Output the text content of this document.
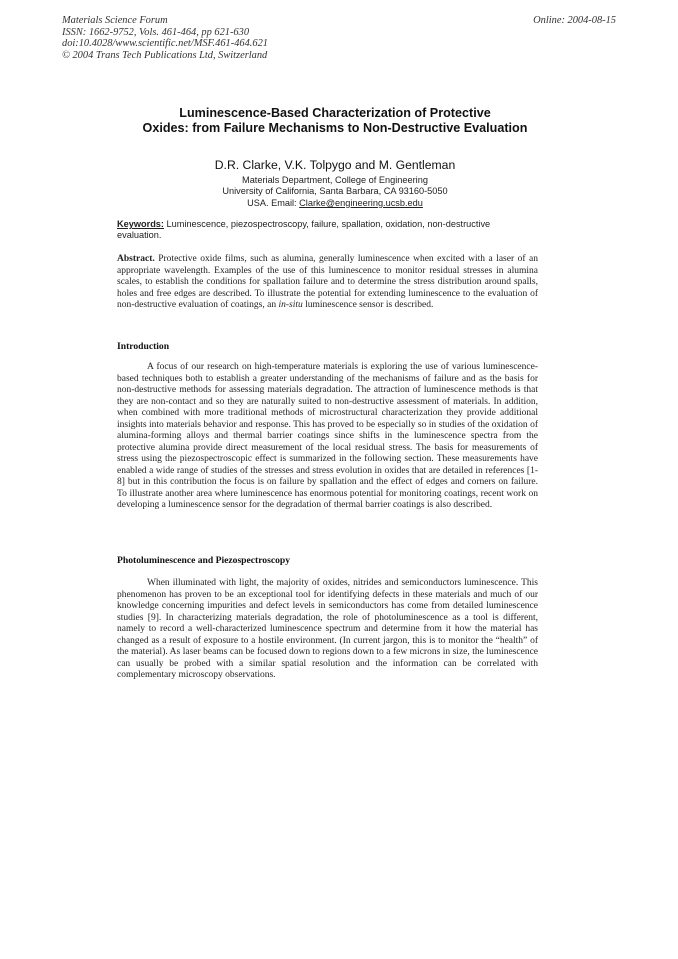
Materials Science Forum
ISSN: 1662-9752, Vols. 461-464, pp 621-630
doi:10.4028/www.scientific.net/MSF.461-464.621
© 2004 Trans Tech Publications Ltd, Switzerland
Online: 2004-08-15
Luminescence-Based Characterization of Protective
Oxides: from Failure Mechanisms to Non-Destructive Evaluation
D.R. Clarke, V.K. Tolpygo and M. Gentleman
Materials Department, College of Engineering
University of California, Santa Barbara, CA 93160-5050
USA. Email: Clarke@engineering.ucsb.edu
Keywords: Luminescence, piezospectroscopy, failure, spallation, oxidation, non-destructive evaluation.
Abstract. Protective oxide films, such as alumina, generally luminescence when excited with a laser of an appropriate wavelength. Examples of the use of this luminescence to monitor residual stresses in alumina scales, to establish the conditions for spallation failure and to determine the stress distribution around spalls, holes and free edges are described. To illustrate the potential for extending luminescence to the evaluation of non-destructive evaluation of coatings, an in-situ luminescence sensor is described.
Introduction
A focus of our research on high-temperature materials is exploring the use of various luminescence-based techniques both to establish a greater understanding of the mechanisms of failure and as the basis for non-destructive methods for assessing materials degradation. The attraction of luminescence methods is that they are non-contact and so they are naturally suited to non-destructive assessment of materials. In addition, when combined with more traditional methods of microstructural characterization they provide additional insights into materials behavior and response. This has proved to be especially so in studies of the oxidation of alumina-forming alloys and thermal barrier coatings since shifts in the luminescence spectra from the protective alumina provide direct measurement of the local residual stress. The basis for measurements of stress using the piezospectroscopic effect is summarized in the following section. These measurements have enabled a wide range of studies of the stresses and stress evolution in oxides that are detailed in references [1-8] but in this contribution the focus is on failure by spallation and the effect of edges and corners on failure. To illustrate another area where luminescence has enormous potential for monitoring coatings, recent work on developing a luminescence sensor for the degradation of thermal barrier coatings is also described.
Photoluminescence and Piezospectroscopy
When illuminated with light, the majority of oxides, nitrides and semiconductors luminescence. This phenomenon has proven to be an exceptional tool for identifying defects in these materials and much of our knowledge concerning impurities and defect levels in semiconductors has come from detailed luminescence studies [9]. In characterizing materials degradation, the role of photoluminescence as a tool is different, namely to record a well-characterized luminescence spectrum and determine from it how the material has changed as a result of exposure to a hostile environment. (In current jargon, this is to monitor the “health” of the material). As laser beams can be focused down to regions down to a few microns in size, the luminescence can usually be probed with a similar spatial resolution and the information can be correlated with complementary microscopy observations.
